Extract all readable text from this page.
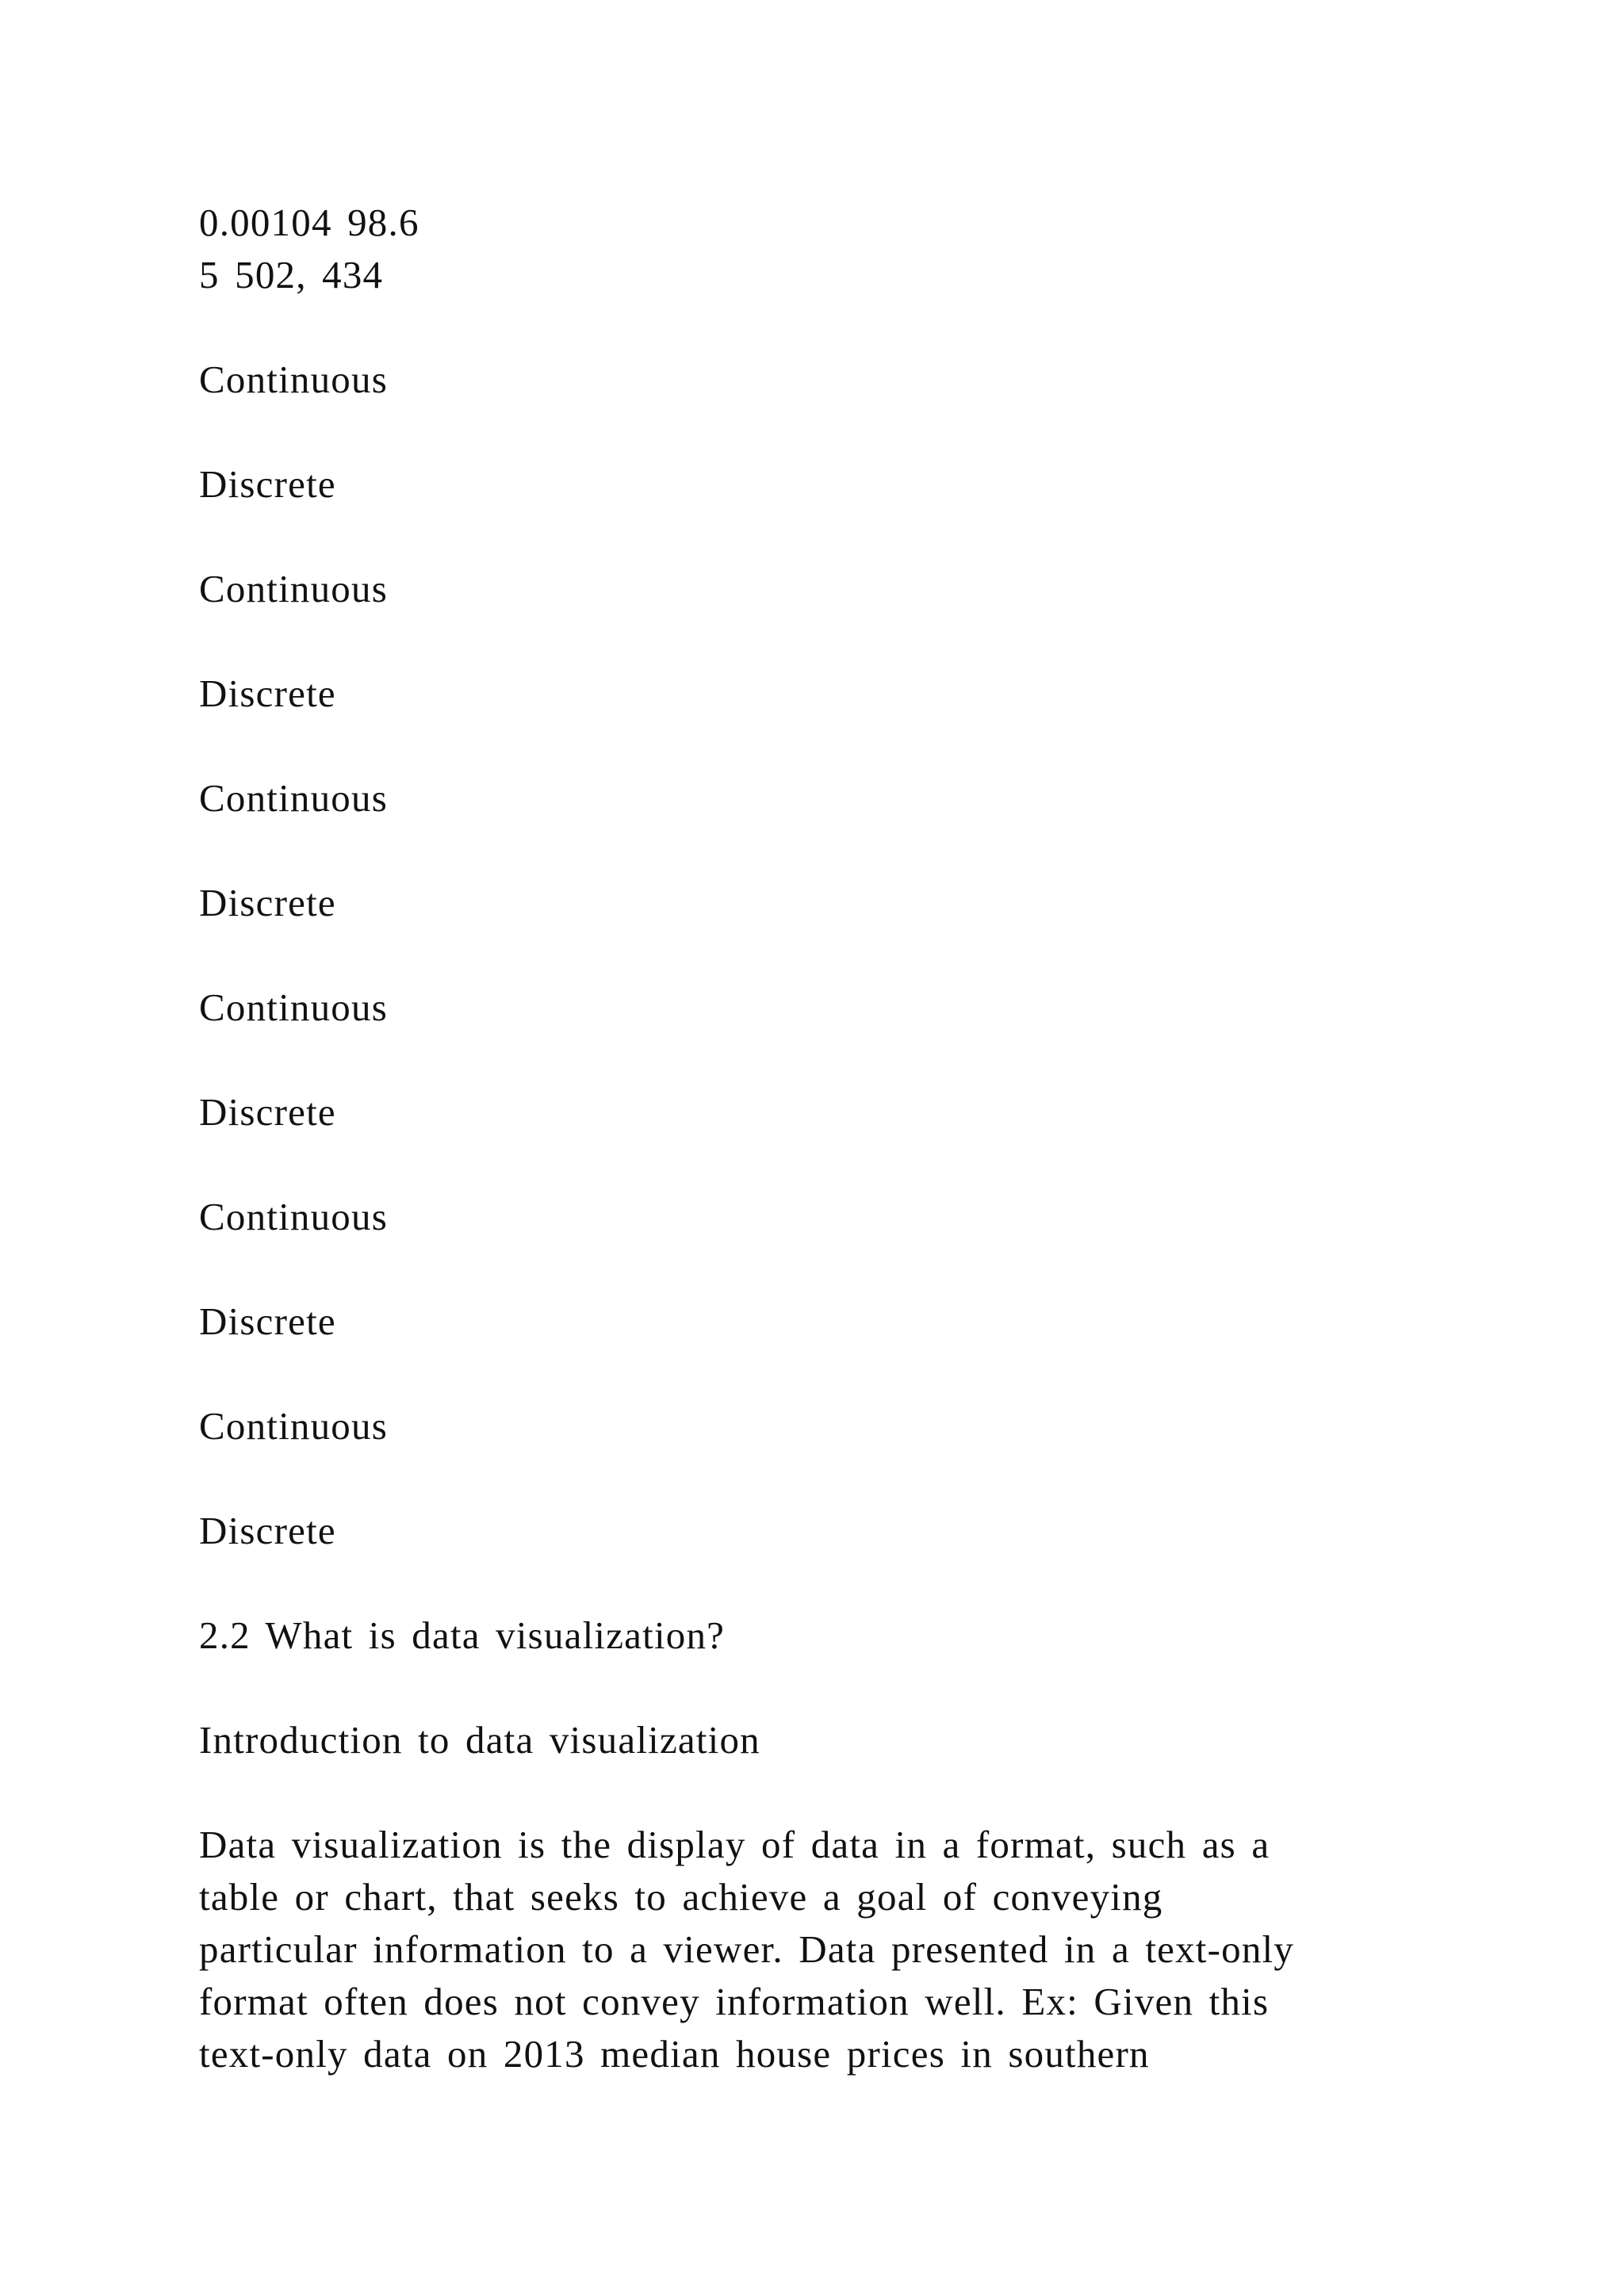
0.00104 98.6
5 502, 434
Continuous
Discrete
Continuous
Discrete
Continuous
Discrete
Continuous
Discrete
Continuous
Discrete
Continuous
Discrete
2.2 What is data visualization?
Introduction to data visualization
Data visualization is the display of data in a format, such as a
table or chart, that seeks to achieve a goal of conveying
particular information to a viewer. Data presented in a text-only
format often does not convey information well. Ex: Given this
text-only data on 2013 median house prices in southern
